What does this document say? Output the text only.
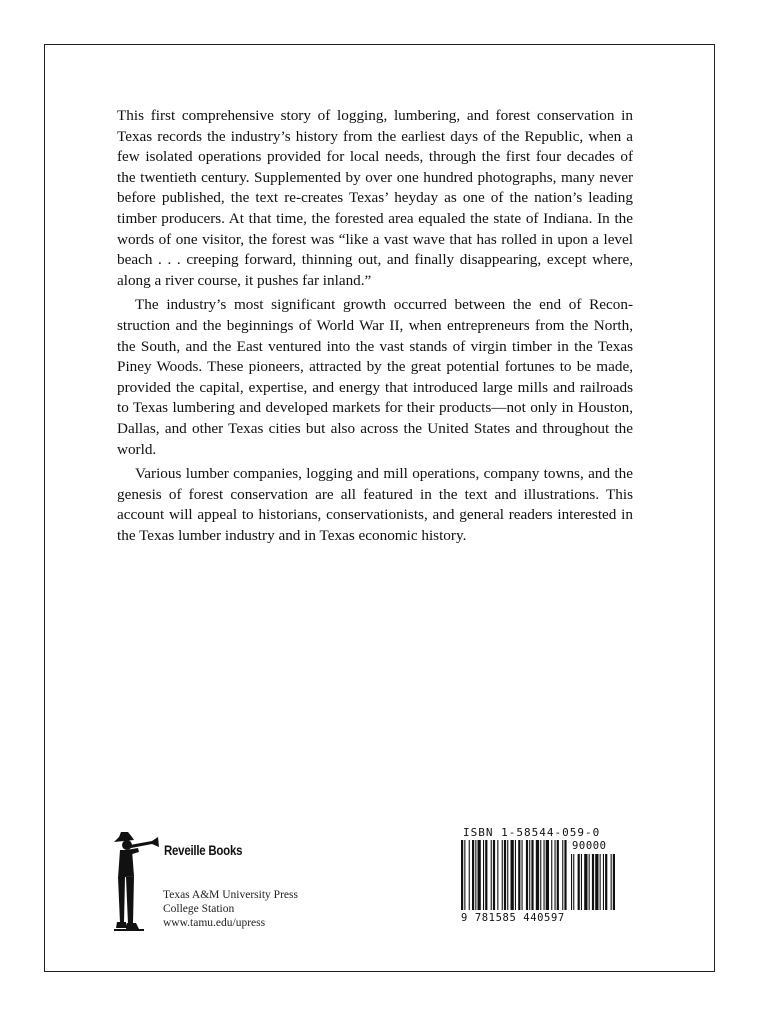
This first comprehensive story of logging, lumbering, and forest conservation in Texas records the industry’s history from the earliest days of the Republic, when a few isolated operations provided for local needs, through the first four decades of the twentieth century. Supplemented by over one hundred photographs, many never before published, the text re-creates Texas’ heyday as one of the nation’s leading timber producers. At that time, the forested area equaled the state of Indiana. In the words of one visitor, the forest was “like a vast wave that has rolled in upon a level beach . . . creeping forward, thinning out, and finally disappearing, except where, along a river course, it pushes far inland.”

The industry’s most significant growth occurred between the end of Reconstruction and the beginnings of World War II, when entrepreneurs from the North, the South, and the East ventured into the vast stands of virgin timber in the Texas Piney Woods. These pioneers, attracted by the great potential fortunes to be made, provided the capital, expertise, and energy that introduced large mills and railroads to Texas lumbering and developed markets for their products—not only in Houston, Dallas, and other Texas cities but also across the United States and throughout the world.

Various lumber companies, logging and mill operations, company towns, and the genesis of forest conservation are all featured in the text and illustrations. This account will appeal to historians, conservationists, and general readers interested in the Texas lumber industry and in Texas economic history.

Reveille Books
Texas A&M University Press
College Station
www.tamu.edu/upress
ISBN 1-58544-059-0
90000
9 781585 440597
